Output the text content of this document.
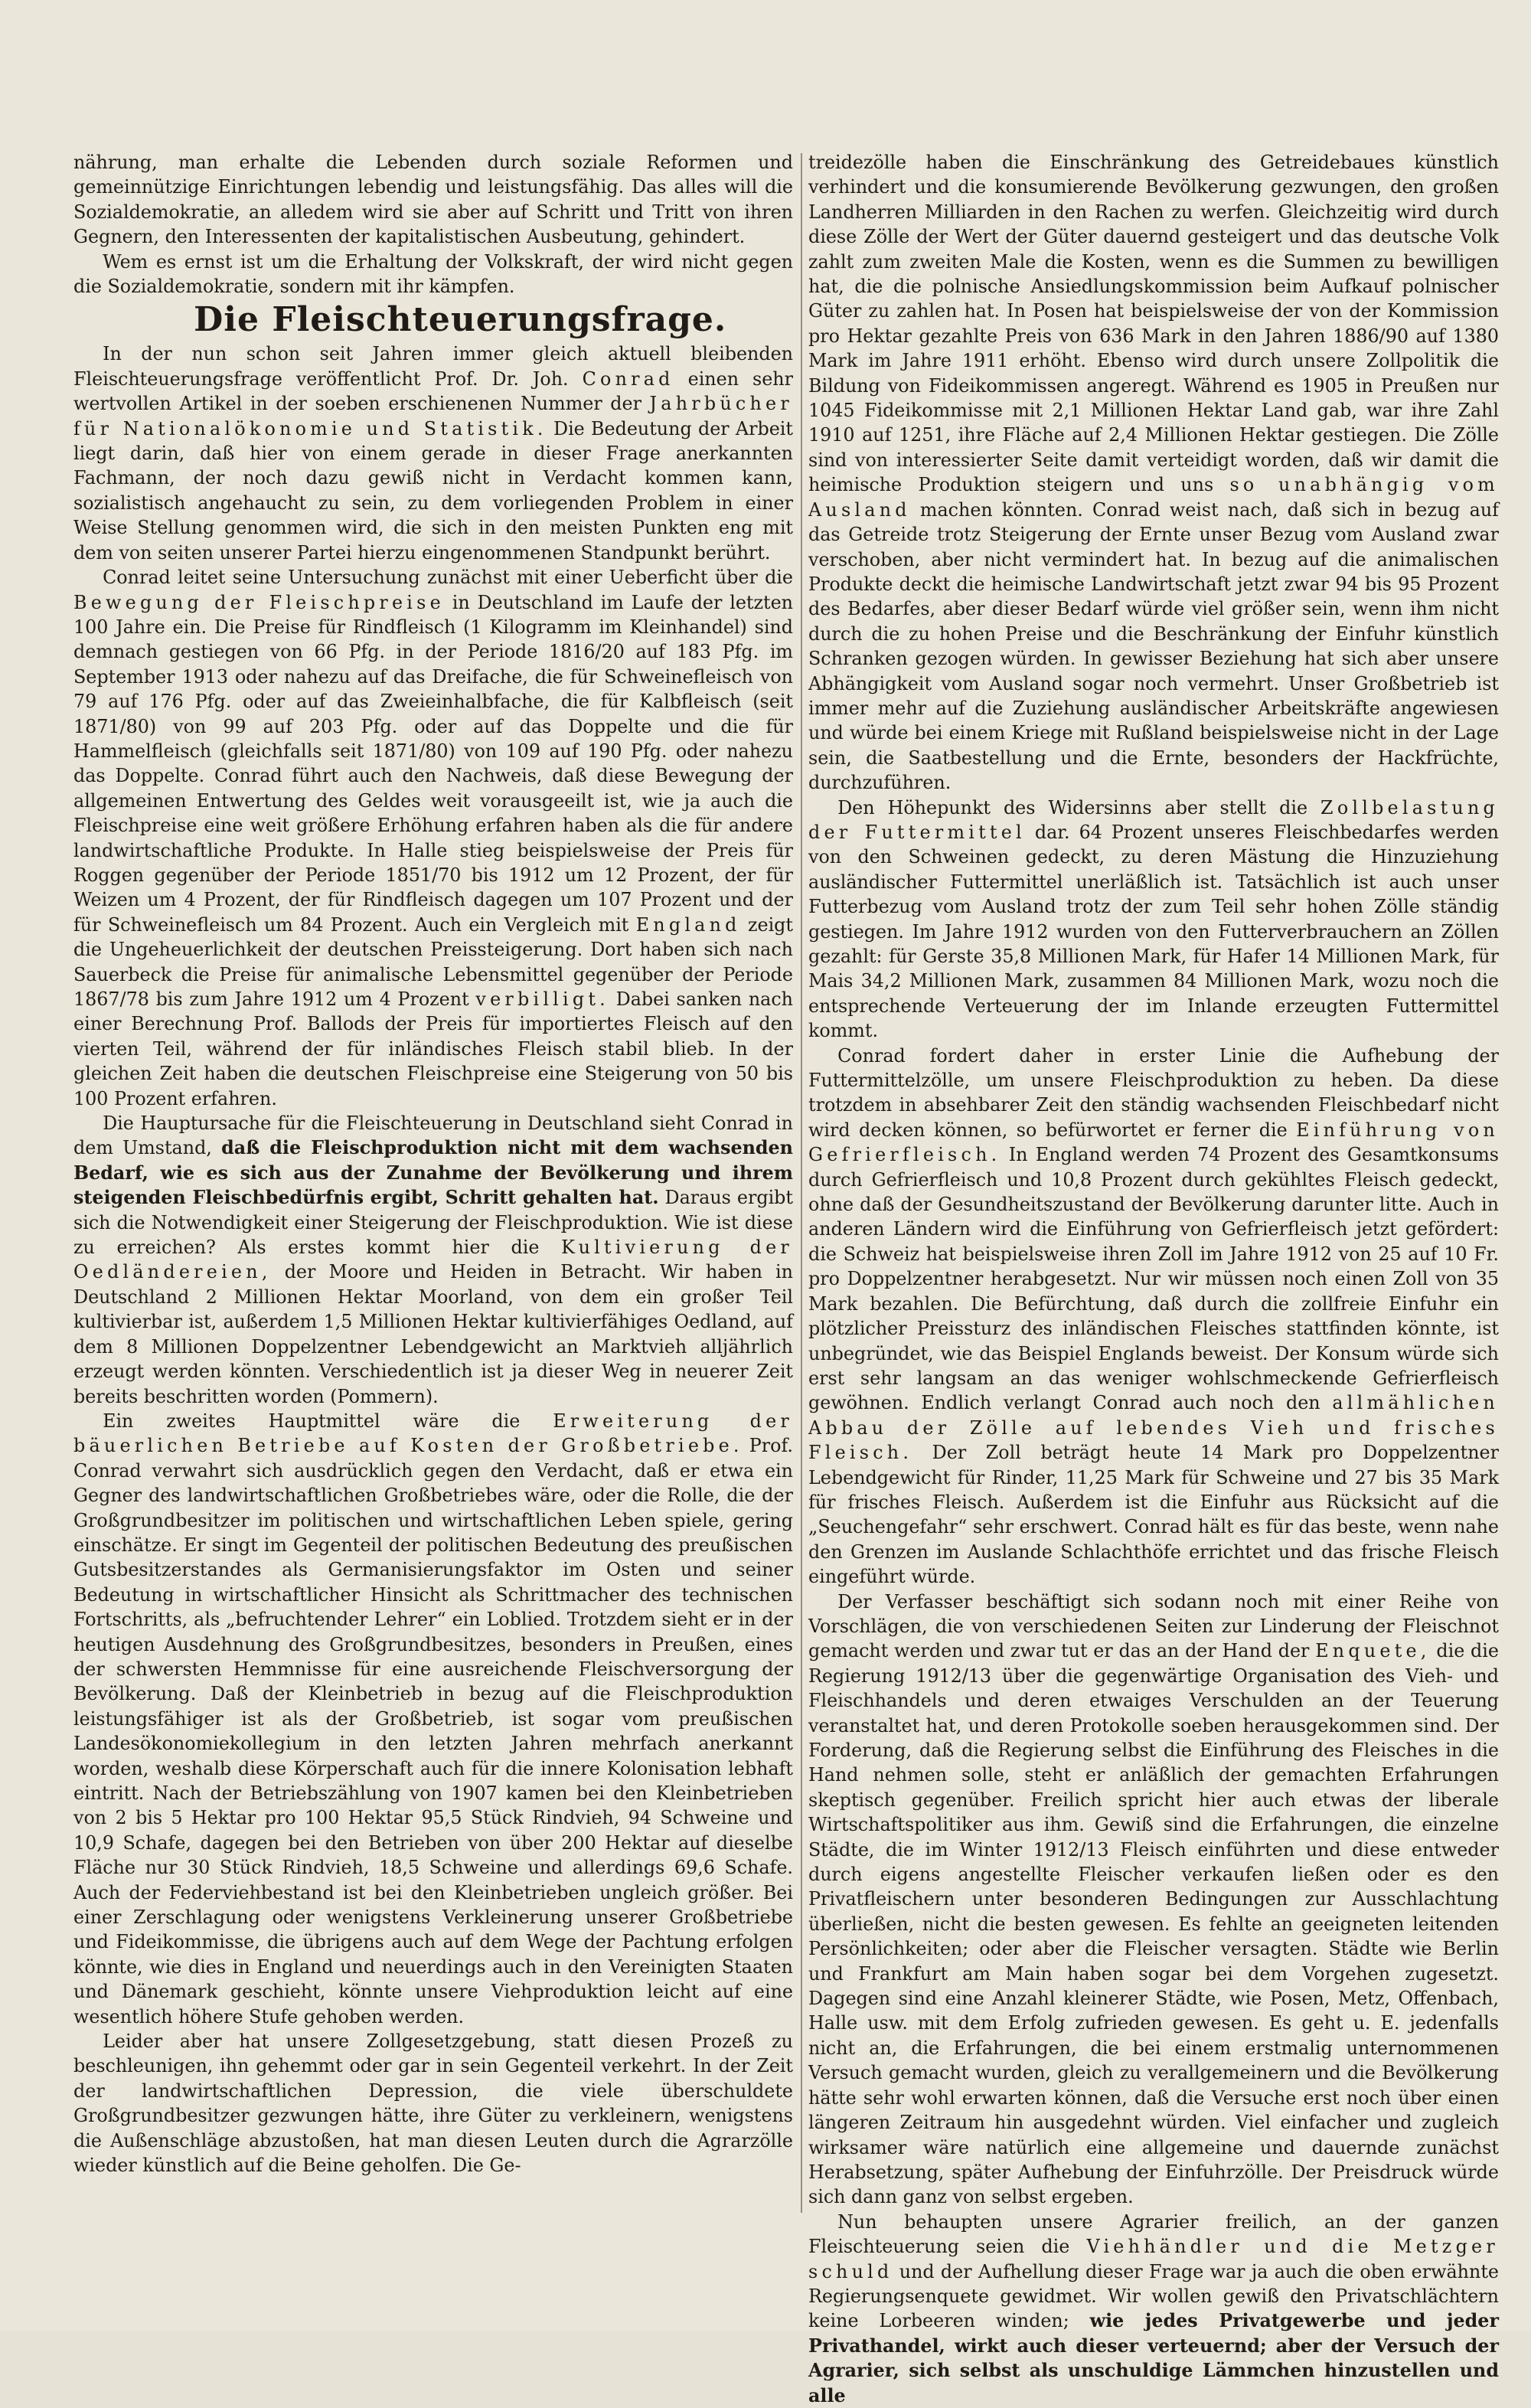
nährung, man erhalte die Lebenden durch soziale Reformen und gemeinnützige Einrichtungen lebendig und leistungsfähig. Das alles will die Sozialdemokratie, an alledem wird sie aber auf Schritt und Tritt von ihren Gegnern, den Interessenten der kapitalistischen Ausbeutung, gehindert.

Wem es ernst ist um die Erhaltung der Volkskraft, der wird nicht gegen die Sozialdemokratie, sondern mit ihr kämpfen.

Die Fleischteuerungsfrage.

In der nun schon seit Jahren immer gleich aktuell bleibenden Fleischteuerungsfrage veröffentlicht Prof. Dr. Joh. Conrad einen sehr wertvollen Artikel in der soeben erschienenen Nummer der Jahrbücher für Nationalökonomie und Statistik. Die Bedeutung der Arbeit liegt darin, daß hier von einem gerade in dieser Frage anerkannten Fachmann, der noch dazu gewiß nicht in Verdacht kommen kann, sozialistisch angehaucht zu sein, zu dem vorliegenden Problem in einer Weise Stellung genommen wird, die sich in den meisten Punkten eng mit dem von seiten unserer Partei hierzu eingenommenen Standpunkt berührt.

Conrad leitet seine Untersuchung zunächst mit einer Ueberficht über die Bewegung der Fleischpreise in Deutschland im Laufe der letzten 100 Jahre ein. Die Preise für Rindfleisch (1 Kilogramm im Kleinhandel) sind demnach gestiegen von 66 Pfg. in der Periode 1816/20 auf 183 Pfg. im September 1913 oder nahezu auf das Dreifache, die für Schweinefleisch von 79 auf 176 Pfg. oder auf das Zweieinhalbfache, die für Kalbfleisch (seit 1871/80) von 99 auf 203 Pfg. oder auf das Doppelte und die für Hammelfleisch (gleichfalls seit 1871/80) von 109 auf 190 Pfg. oder nahezu das Doppelte. Conrad führt auch den Nachweis, daß diese Bewegung der allgemeinen Entwertung des Geldes weit vorausgeeilt ist, wie ja auch die Fleischpreise eine weit größere Erhöhung erfahren haben als die für andere landwirtschaftliche Produkte. In Halle stieg beispielsweise der Preis für Roggen gegenüber der Periode 1851/70 bis 1912 um 12 Prozent, der für Weizen um 4 Prozent, der für Rindfleisch dagegen um 107 Prozent und der für Schweinefleisch um 84 Prozent. Auch ein Vergleich mit England zeigt die Ungeheuerlichkeit der deutschen Preissteigerung. Dort haben sich nach Sauerbeck die Preise für animalische Lebensmittel gegenüber der Periode 1867/78 bis zum Jahre 1912 um 4 Prozent verbilligt. Dabei sanken nach einer Berechnung Prof. Ballods der Preis für importiertes Fleisch auf den vierten Teil, während der für inländisches Fleisch stabil blieb. In der gleichen Zeit haben die deutschen Fleischpreise eine Steigerung von 50 bis 100 Prozent erfahren.

Die Hauptursache für die Fleischteuerung in Deutschland sieht Conrad in dem Umstand, daß die Fleischproduktion nicht mit dem wachsenden Bedarf, wie es sich aus der Zunahme der Bevölkerung und ihrem steigenden Fleischbedürfnis ergibt, Schritt gehalten hat. Daraus ergibt sich die Notwendigkeit einer Steigerung der Fleischproduktion. Wie ist diese zu erreichen? Als erstes kommt hier die Kultivierung der Oedländereien, der Moore und Heiden in Betracht. Wir haben in Deutschland 2 Millionen Hektar Moorland, von dem ein großer Teil kultivierbar ist, außerdem 1,5 Millionen Hektar kultivierfähiges Oedland, auf dem 8 Millionen Doppelzentner Lebendgewicht an Marktvieh alljährlich erzeugt werden könnten. Verschiedentlich ist ja dieser Weg in neuerer Zeit bereits beschritten worden (Pommern).

Ein zweites Hauptmittel wäre die Erweiterung der bäuerlichen Betriebe auf Kosten der Großbetriebe. Prof. Conrad verwahrt sich ausdrücklich gegen den Verdacht, daß er etwa ein Gegner des landwirtschaftlichen Großbetriebes wäre, oder die Rolle, die der Großgrundbesitzer im politischen und wirtschaftlichen Leben spiele, gering einschätze. Er singt im Gegenteil der politischen Bedeutung des preußischen Gutsbesitzerstandes als Germanisierungsfaktor im Osten und seiner Bedeutung in wirtschaftlicher Hinsicht als Schrittmacher des technischen Fortschritts, als „befruchtender Lehrer“ ein Loblied. Trotzdem sieht er in der heutigen Ausdehnung des Großgrundbesitzes, besonders in Preußen, eines der schwersten Hemmnisse für eine ausreichende Fleischversorgung der Bevölkerung. Daß der Kleinbetrieb in bezug auf die Fleischproduktion leistungsfähiger ist als der Großbetrieb, ist sogar vom preußischen Landesökonomiekollegium in den letzten Jahren mehrfach anerkannt worden, weshalb diese Körperschaft auch für die innere Kolonisation lebhaft eintritt. Nach der Betriebszählung von 1907 kamen bei den Kleinbetrieben von 2 bis 5 Hektar pro 100 Hektar 95,5 Stück Rindvieh, 94 Schweine und 10,9 Schafe, dagegen bei den Betrieben von über 200 Hektar auf dieselbe Fläche nur 30 Stück Rindvieh, 18,5 Schweine und allerdings 69,6 Schafe. Auch der Federviehbestand ist bei den Kleinbetrieben ungleich größer. Bei einer Zerschlagung oder wenigstens Verkleinerung unserer Großbetriebe und Fideikommisse, die übrigens auch auf dem Wege der Pachtung erfolgen könnte, wie dies in England und neuerdings auch in den Vereinigten Staaten und Dänemark geschieht, könnte unsere Viehproduktion leicht auf eine wesentlich höhere Stufe gehoben werden.

Leider aber hat unsere Zollgesetzgebung, statt diesen Prozeß zu beschleunigen, ihn gehemmt oder gar in sein Gegenteil verkehrt. In der Zeit der landwirtschaftlichen Depression, die viele überschuldete Großgrundbesitzer gezwungen hätte, ihre Güter zu verkleinern, wenigstens die Außenschläge abzustoßen, hat man diesen Leuten durch die Agrarzölle wieder künstlich auf die Beine geholfen. Die Ge-

treidezölle haben die Einschränkung des Getreidebaues künstlich verhindert und die konsumierende Bevölkerung gezwungen, den großen Landherren Milliarden in den Rachen zu werfen. Gleichzeitig wird durch diese Zölle der Wert der Güter dauernd gesteigert und das deutsche Volk zahlt zum zweiten Male die Kosten, wenn es die Summen zu bewilligen hat, die die polnische Ansiedlungskommission beim Aufkauf polnischer Güter zu zahlen hat. In Posen hat beispielsweise der von der Kommission pro Hektar gezahlte Preis von 636 Mark in den Jahren 1886/90 auf 1380 Mark im Jahre 1911 erhöht. Ebenso wird durch unsere Zollpolitik die Bildung von Fideikommissen angeregt. Während es 1905 in Preußen nur 1045 Fideikommisse mit 2,1 Millionen Hektar Land gab, war ihre Zahl 1910 auf 1251, ihre Fläche auf 2,4 Millionen Hektar gestiegen. Die Zölle sind von interessierter Seite damit verteidigt worden, daß wir damit die heimische Produktion steigern und uns so unabhängig vom Ausland machen könnten. Conrad weist nach, daß sich in bezug auf das Getreide trotz Steigerung der Ernte unser Bezug vom Ausland zwar verschoben, aber nicht vermindert hat. In bezug auf die animalischen Produkte deckt die heimische Landwirtschaft jetzt zwar 94 bis 95 Prozent des Bedarfes, aber dieser Bedarf würde viel größer sein, wenn ihm nicht durch die zu hohen Preise und die Beschränkung der Einfuhr künstlich Schranken gezogen würden. In gewisser Beziehung hat sich aber unsere Abhängigkeit vom Ausland sogar noch vermehrt. Unser Großbetrieb ist immer mehr auf die Zuziehung ausländischer Arbeitskräfte angewiesen und würde bei einem Kriege mit Rußland beispielsweise nicht in der Lage sein, die Saatbestellung und die Ernte, besonders der Hackfrüchte, durchzuführen.

Den Höhepunkt des Widersinns aber stellt die Zollbelastung der Futtermittel dar. 64 Prozent unseres Fleischbedarfes werden von den Schweinen gedeckt, zu deren Mästung die Hinzuziehung ausländischer Futtermittel unerläßlich ist. Tatsächlich ist auch unser Futterbezug vom Ausland trotz der zum Teil sehr hohen Zölle ständig gestiegen. Im Jahre 1912 wurden von den Futterverbrauchern an Zöllen gezahlt: für Gerste 35,8 Millionen Mark, für Hafer 14 Millionen Mark, für Mais 34,2 Millionen Mark, zusammen 84 Millionen Mark, wozu noch die entsprechende Verteuerung der im Inlande erzeugten Futtermittel kommt.

Conrad fordert daher in erster Linie die Aufhebung der Futtermittelzölle, um unsere Fleischproduktion zu heben. Da diese trotzdem in absehbarer Zeit den ständig wachsenden Fleischbedarf nicht wird decken können, so befürwortet er ferner die Einführung von Gefrierfleisch. In England werden 74 Prozent des Gesamtkonsums durch Gefrierfleisch und 10,8 Prozent durch gekühltes Fleisch gedeckt, ohne daß der Gesundheitszustand der Bevölkerung darunter litte. Auch in anderen Ländern wird die Einführung von Gefrierfleisch jetzt gefördert: die Schweiz hat beispielsweise ihren Zoll im Jahre 1912 von 25 auf 10 Fr. pro Doppelzentner herabgesetzt. Nur wir müssen noch einen Zoll von 35 Mark bezahlen. Die Befürchtung, daß durch die zollfreie Einfuhr ein plötzlicher Preissturz des inländischen Fleisches stattfinden könnte, ist unbegründet, wie das Beispiel Englands beweist. Der Konsum würde sich erst sehr langsam an das weniger wohlschmeckende Gefrierfleisch gewöhnen. Endlich verlangt Conrad auch noch den allmählichen Abbau der Zölle auf lebendes Vieh und frisches Fleisch. Der Zoll beträgt heute 14 Mark pro Doppelzentner Lebendgewicht für Rinder, 11,25 Mark für Schweine und 27 bis 35 Mark für frisches Fleisch. Außerdem ist die Einfuhr aus Rücksicht auf die „Seuchengefahr“ sehr erschwert. Conrad hält es für das beste, wenn nahe den Grenzen im Auslande Schlachthöfe errichtet und das frische Fleisch eingeführt würde.

Der Verfasser beschäftigt sich sodann noch mit einer Reihe von Vorschlägen, die von verschiedenen Seiten zur Linderung der Fleischnot gemacht werden und zwar tut er das an der Hand der Enquete, die die Regierung 1912/13 über die gegenwärtige Organisation des Vieh- und Fleischhandels und deren etwaiges Verschulden an der Teuerung veranstaltet hat, und deren Protokolle soeben herausgekommen sind. Der Forderung, daß die Regierung selbst die Einführung des Fleisches in die Hand nehmen solle, steht er anläßlich der gemachten Erfahrungen skeptisch gegenüber. Freilich spricht hier auch etwas der liberale Wirtschaftspolitiker aus ihm. Gewiß sind die Erfahrungen, die einzelne Städte, die im Winter 1912/13 Fleisch einführten und diese entweder durch eigens angestellte Fleischer verkaufen ließen oder es den Privatfleischern unter besonderen Bedingungen zur Ausschlachtung überließen, nicht die besten gewesen. Es fehlte an geeigneten leitenden Persönlichkeiten; oder aber die Fleischer versagten. Städte wie Berlin und Frankfurt am Main haben sogar bei dem Vorgehen zugesetzt. Dagegen sind eine Anzahl kleinerer Städte, wie Posen, Metz, Offenbach, Halle usw. mit dem Erfolg zufrieden gewesen. Es geht u. E. jedenfalls nicht an, die Erfahrungen, die bei einem erstmalig unternommenen Versuch gemacht wurden, gleich zu verallgemeinern und die Bevölkerung hätte sehr wohl erwarten können, daß die Versuche erst noch über einen längeren Zeitraum hin ausgedehnt würden. Viel einfacher und zugleich wirksamer wäre natürlich eine allgemeine und dauernde zunächst Herabsetzung, später Aufhebung der Einfuhrzölle. Der Preisdruck würde sich dann ganz von selbst ergeben.

Nun behaupten unsere Agrarier freilich, an der ganzen Fleischteuerung seien die Viehhändler und die Metzger schuld und der Aufhellung dieser Frage war ja auch die oben erwähnte Regierungsenquete gewidmet. Wir wollen gewiß den Privatschlächtern keine Lorbeeren winden; wie jedes Privatgewerbe und jeder Privathandel, wirkt auch dieser verteuernd; aber der Versuch der Agrarier, sich selbst als unschuldige Lämmchen hinzustellen und alle
